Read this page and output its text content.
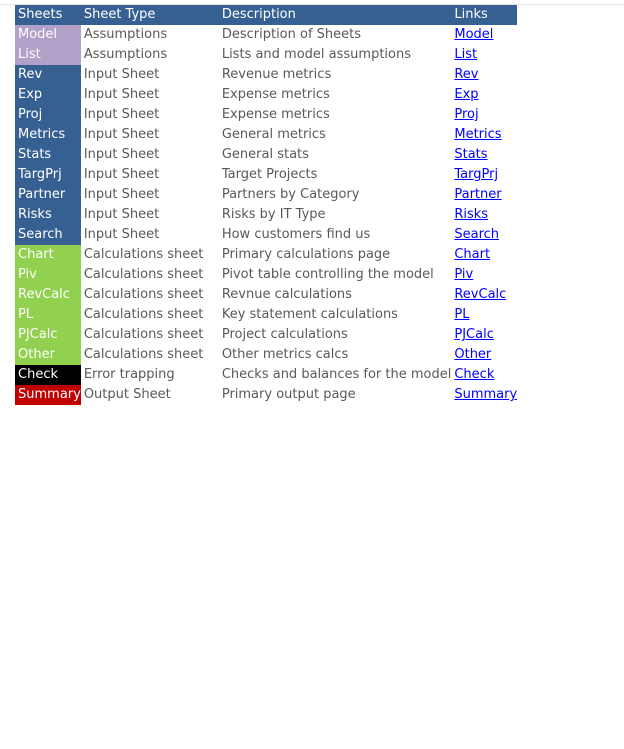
Sheets	Sheet Type	Description	Links
Model	Assumptions	Description of Sheets	Model
List	Assumptions	Lists and model assumptions	List
Rev	Input Sheet	Revenue metrics	Rev
Exp	Input Sheet	Expense metrics	Exp
Proj	Input Sheet	Expense metrics	Proj
Metrics	Input Sheet	General metrics	Metrics
Stats	Input Sheet	General stats	Stats
TargPrj	Input Sheet	Target Projects	TargPrj
Partner	Input Sheet	Partners by Category	Partner
Risks	Input Sheet	Risks by IT Type	Risks
Search	Input Sheet	How customers find us	Search
Chart	Calculations sheet	Primary calculations page	Chart
Piv	Calculations sheet	Pivot table controlling the model	Piv
RevCalc	Calculations sheet	Revnue calculations	RevCalc
PL	Calculations sheet	Key statement calculations	PL
PJCalc	Calculations sheet	Project calculations	PJCalc
Other	Calculations sheet	Other metrics calcs	Other
Check	Error trapping	Checks and balances for the model	Check
Summary	Output Sheet	Primary output page	Summary
